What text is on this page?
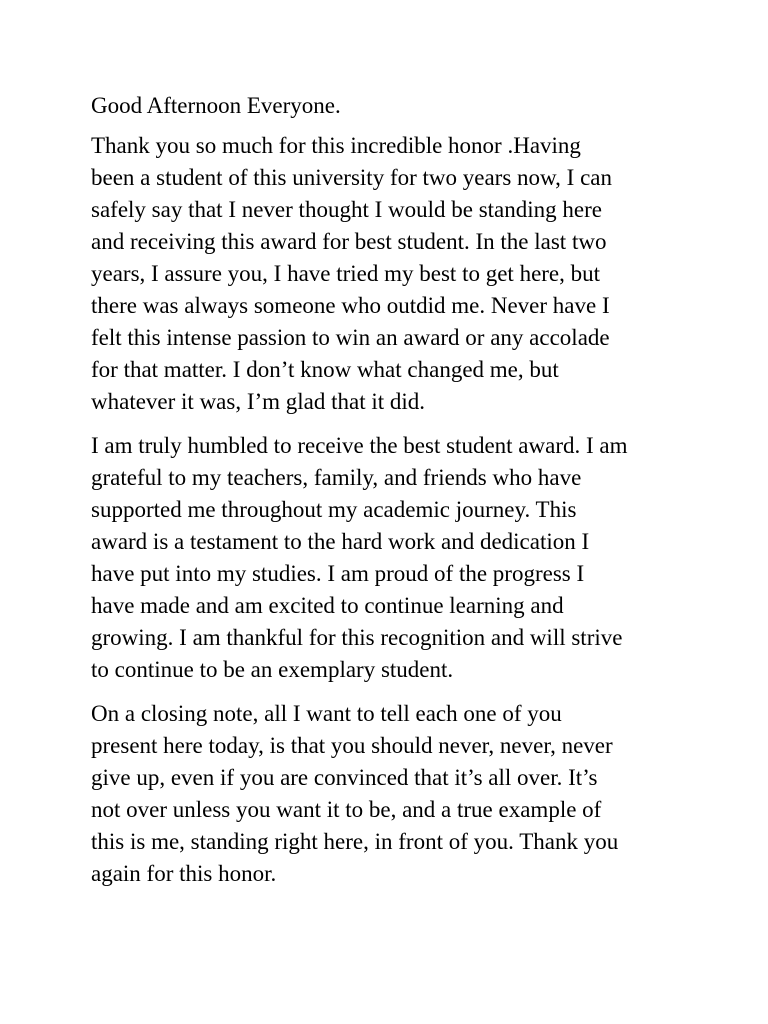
Good Afternoon Everyone.

Thank you so much for this incredible honor .Having
been a student of this university for two years now, I can
safely say that I never thought I would be standing here
and receiving this award for best student. In the last two
years, I assure you, I have tried my best to get here, but
there was always someone who outdid me. Never have I
felt this intense passion to win an award or any accolade
for that matter. I don’t know what changed me, but
whatever it was, I’m glad that it did.

I am truly humbled to receive the best student award. I am
grateful to my teachers, family, and friends who have
supported me throughout my academic journey. This
award is a testament to the hard work and dedication I
have put into my studies. I am proud of the progress I
have made and am excited to continue learning and
growing. I am thankful for this recognition and will strive
to continue to be an exemplary student.

On a closing note, all I want to tell each one of you
present here today, is that you should never, never, never
give up, even if you are convinced that it’s all over. It’s
not over unless you want it to be, and a true example of
this is me, standing right here, in front of you. Thank you
again for this honor.
